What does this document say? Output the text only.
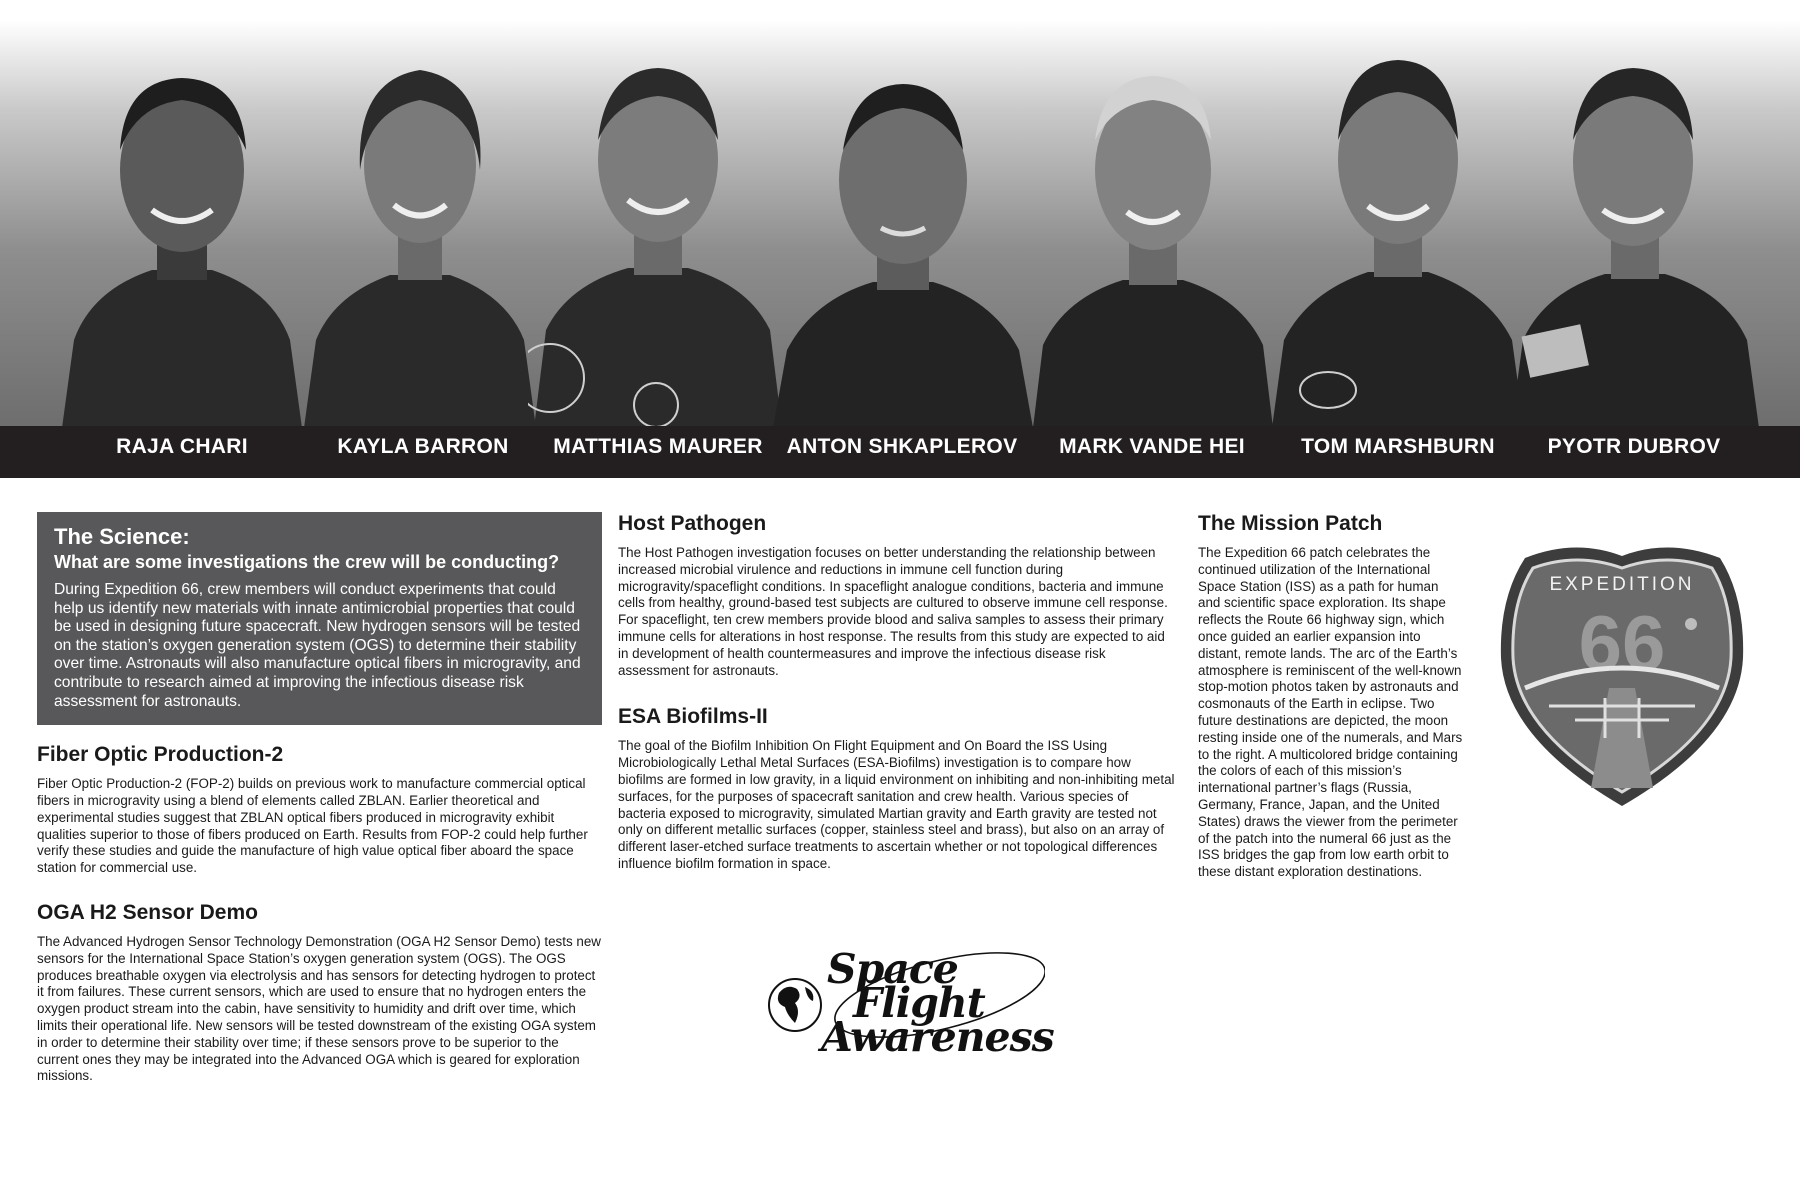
RAJA CHARI	KAYLA BARRON	MATTHIAS MAURER	ANTON SHKAPLEROV	MARK VANDE HEI	TOM MARSHBURN	PYOTR DUBROV
The Science:
What are some investigations the crew will be conducting?

During Expedition 66, crew members will conduct experiments that could help us identify new materials with innate antimicrobial properties that could be used in designing future spacecraft. New hydrogen sensors will be tested on the station’s oxygen generation system (OGS) to determine their stability over time. Astronauts will also manufacture optical fibers in microgravity, and contribute to research aimed at improving the infectious disease risk assessment for astronauts.

Fiber Optic Production-2

Fiber Optic Production-2 (FOP-2) builds on previous work to manufacture commercial optical fibers in microgravity using a blend of elements called ZBLAN. Earlier theoretical and experimental studies suggest that ZBLAN optical fibers produced in microgravity exhibit qualities superior to those of fibers produced on Earth. Results from FOP-2 could help further verify these studies and guide the manufacture of high value optical fiber aboard the space station for commercial use.

OGA H2 Sensor Demo

The Advanced Hydrogen Sensor Technology Demonstration (OGA H2 Sensor Demo) tests new sensors for the International Space Station’s oxygen generation system (OGS). The OGS produces breathable oxygen via electrolysis and has sensors for detecting hydrogen to protect it from failures. These current sensors, which are used to ensure that no hydrogen enters the oxygen product stream into the cabin, have sensitivity to humidity and drift over time, which limits their operational life. New sensors will be tested downstream of the existing OGA system in order to determine their stability over time; if these sensors prove to be superior to the current ones they may be integrated into the Advanced OGA which is geared for exploration missions.

Host Pathogen

The Host Pathogen investigation focuses on better understanding the relationship between increased microbial virulence and reductions in immune cell function during microgravity/spaceflight conditions. In spaceflight analogue conditions, bacteria and immune cells from healthy, ground-based test subjects are cultured to observe immune cell response. For spaceflight, ten crew members provide blood and saliva samples to assess their primary immune cells for alterations in host response. The results from this study are expected to aid in development of health countermeasures and improve the infectious disease risk assessment for astronauts.

ESA Biofilms-II

The goal of the Biofilm Inhibition On Flight Equipment and On Board the ISS Using Microbiologically Lethal Metal Surfaces (ESA-Biofilms) investigation is to compare how biofilms are formed in low gravity, in a liquid environment on inhibiting and non-inhibiting metal surfaces, for the purposes of spacecraft sanitation and crew health. Various species of bacteria exposed to microgravity, simulated Martian gravity and Earth gravity are tested not only on different metallic surfaces (copper, stainless steel and brass), but also on an array of different laser-etched surface treatments to ascertain whether or not topological differences influence biofilm formation in space.

The Mission Patch

The Expedition 66 patch celebrates the continued utilization of the International Space Station (ISS) as a path for human and scientific space exploration. Its shape reflects the Route 66 highway sign, which once guided an earlier expansion into distant, remote lands. The arc of the Earth’s atmosphere is reminiscent of the well-known stop-motion photos taken by astronauts and cosmonauts of the Earth in eclipse. Two future destinations are depicted, the moon resting inside one of the numerals, and Mars to the right. A multicolored bridge containing the colors of each of this mission’s international partner’s flags (Russia, Germany, France, Japan, and the United States) draws the viewer from the perimeter of the patch into the numeral 66 just as the ISS bridges the gap from low earth orbit to these distant exploration destinations.

EXPEDITION
66
Space
Flight
Awareness
